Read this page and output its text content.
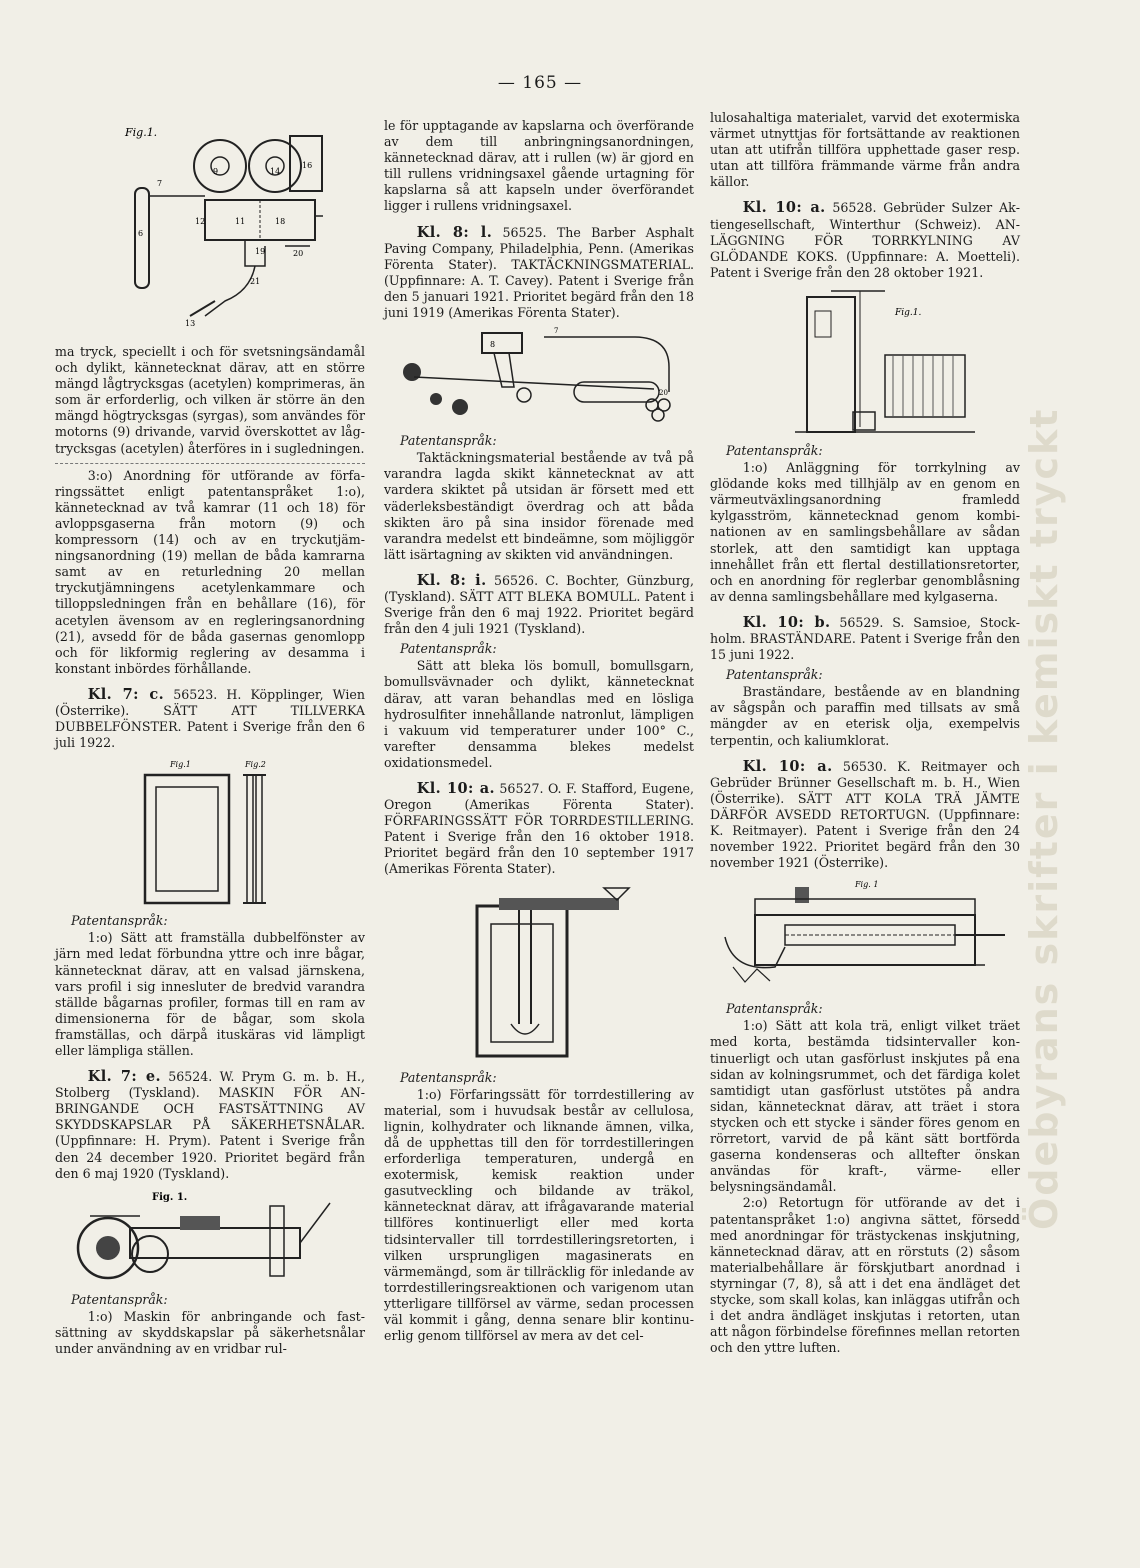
Ödebyrans skrifter i kemiskt tryckt
— 165 —
Fig.1.
6
9	14
11	18
16
12
13
20
21
19
7

ma tryck, speciellt i och för svetsningsändamål och dylikt, kännetecknat därav, att en större mängd lågtrycksgas (acetylen) komprimeras, än som är erforderlig, och vilken är större än den mängd högtrycksgas (syrgas), som användes för motorns (9) drivande, varvid överskottet av lågtrycksgas (acetylen) återföres in i sugledningen.

3:o) Anordning för utförande av förfaringssättet enligt patentanspråket 1:o), kännetecknad av två kamrar (11 och 18) för avloppsgaserna från motorn (9) och kompressorn (14) och av en tryckutjämningsanordning (19) mellan de båda kamrarna samt av en returledning 20 mellan tryckutjämningens acetylenkammare och tilloppsledningen från en behållare (16), för acetylen ävensom av en regleringsanordning (21), avsedd för de båda gasernas genomlopp och för likformig reglering av desamma i konstant inbördes förhållande.

Kl. 7: c. 56523. H. Köpplinger, Wien (Österrike). SÄTT ATT TILLVERKA DUBBELFÖNSTER. Patent i Sverige från den 6 juli 1922.

Fig.1	Fig.2

Patentanspråk:

1:o) Sätt att framställa dubbelfönster av järn med ledat förbundna yttre och inre bågar, kännetecknat därav, att en valsad järnskena, vars profil i sig innesluter de bredvid varandra ställde bågarnas profiler, formas till en ram av dimensionerna för de bågar, som skola framställas, och därpå ituskäras vid lämpligt eller lämpliga ställen.

Kl. 7: e. 56524. W. Prym G. m. b. H., Stolberg (Tyskland). MASKIN FÖR ANBRINGANDE OCH FASTSÄTTNING AV SKYDDSKAPSLAR PÅ SÄKERHETSNÅLAR. (Uppfinnare: H. Prym). Patent i Sverige från den 24 december 1920. Prioritet begärd från den 6 maj 1920 (Tyskland).

Fig. 1.

Patentanspråk:

1:o) Maskin för anbringande och fastsättning av skyddskapslar på säkerhetsnålar under användning av en vridbar rul-

le för upptagande av kapslarna och överförande av dem till anbringningsanordningen, kännetecknad därav, att i rullen (w) är gjord en till rullens vridningsaxel gående urtagning för kapslarna så att kapseln under överförandet ligger i rullens vridningsaxel.

Kl. 8: l. 56525. The Barber Asphalt Paving Company, Philadelphia, Penn. (Amerikas Förenta Stater). TAKTÄCKNINGSMATERIAL. (Uppfinnare: A. T. Cavey). Patent i Sverige från den 5 januari 1921. Prioritet begärd från den 18 juni 1919 (Amerikas Förenta Stater).

8
7
20

Patentanspråk:

Taktäckningsmaterial bestående av två på varandra lagda skikt kännetecknat av att vardera skiktet på utsidan är försett med ett väderleksbeständigt överdrag och att båda skikten äro på sina insidor förenade med varandra medelst ett bindeämne, som möjliggör lätt isärtagning av skikten vid användningen.

Kl. 8: i. 56526. C. Bochter, Günzburg, (Tyskland). SÄTT ATT BLEKA BOMULL. Patent i Sverige från den 6 maj 1922. Prioritet begärd från den 4 juli 1921 (Tyskland).

Patentanspråk:

Sätt att bleka lös bomull, bomullsgarn, bomullsvävnader och dylikt, kännetecknat därav, att varan behandlas med en lösliga hydrosulfiter innehållande natronlut, lämpligen i vakuum vid temperaturer under 100° C., varefter densamma blekes medelst oxidationsmedel.

Kl. 10: a. 56527. O. F. Stafford, Eugene, Oregon (Amerikas Förenta Stater). FÖRFARINGSSÄTT FÖR TORRDESTILLERING. Patent i Sverige från den 16 oktober 1918. Prioritet begärd från den 10 september 1917 (Amerikas Förenta Stater).

Patentanspråk:

1:o) Förfaringssätt för torrdestillering av material, som i huvudsak består av cellulosa, lignin, kolhydrater och liknande ämnen, vilka, då de upphettas till den för torrdestilleringen erforderliga temperaturen, undergå en exotermisk, kemisk reaktion under gasutveckling och bildande av träkol, kännetecknat därav, att ifrågavarande material tillföres kontinuerligt eller med korta tidsintervaller till torrdestilleringsretorten, i vilken ursprungligen magasinerats en värmemängd, som är tillräcklig för inledande av torrdestilleringsreaktionen och varigenom utan ytterligare tillförsel av värme, sedan processen väl kommit i gång, denna senare blir kontinuerlig genom tillförsel av mera av det cel-

lulosahaltiga materialet, varvid det exotermiska värmet utnyttjas för fortsättande av reaktionen utan att utifrån tillföra upphettade gaser resp. utan att tillföra främmande värme från andra källor.

Kl. 10: a. 56528. Gebrüder Sulzer Aktiengesellschaft, Winterthur (Schweiz). ANLÄGGNING FÖR TORRKYLNING AV GLÖDANDE KOKS. (Uppfinnare: A. Moetteli). Patent i Sverige från den 28 oktober 1921.

Fig.1.

Patentanspråk:

1:o) Anläggning för torrkylning av glödande koks med tillhjälp av en genom en värmeutväxlingsanordning framledd kylgasström, kännetecknad genom kombinationen av en samlingsbehållare av sådan storlek, att den samtidigt kan upptaga innehållet från ett flertal destillationsretorter, och en anordning för reglerbar genomblåsning av denna samlingsbehållare med kylgaserna.

Kl. 10: b. 56529. S. Samsioe, Stockholm. BRASTÄNDARE. Patent i Sverige från den 15 juni 1922.

Patentanspråk:

Braständare, bestående av en blandning av sågspån och paraffin med tillsats av små mängder av en eterisk olja, exempelvis terpentin, och kaliumklorat.

Kl. 10: a. 56530. K. Reitmayer och Gebrüder Brünner Gesellschaft m. b. H., Wien (Österrike). SÄTT ATT KOLA TRÄ JÄMTE DÄRFÖR AVSEDD RETORTUGN. (Uppfinnare: K. Reitmayer). Patent i Sverige från den 24 november 1922. Prioritet begärd från den 30 november 1921 (Österrike).

Fig. 1

Patentanspråk:

1:o) Sätt att kola trä, enligt vilket träet med korta, bestämda tidsintervaller kontinuerligt och utan gasförlust inskjutes på ena sidan av kolningsrummet, och det färdiga kolet samtidigt utan gasförlust utstötes på andra sidan, kännetecknat därav, att träet i stora stycken och ett stycke i sänder föres genom en rörretort, varvid de på känt sätt bortförda gaserna kondenseras och alltefter önskan användas för kraft-, värme- eller belysningsändamål.

2:o) Retortugn för utförande av det i patentanspråket 1:o) angivna sättet, försedd med anordningar för trästyckenas inskjutning, kännetecknad därav, att en rörstuts (2) såsom materialbehållare är förskjutbart anordnad i styrningar (7, 8), så att i det ena ändläget det stycke, som skall kolas, kan inläggas utifrån och i det andra ändläget inskjutas i retorten, utan att någon förbindelse förefinnes mellan retorten och den yttre luften.
